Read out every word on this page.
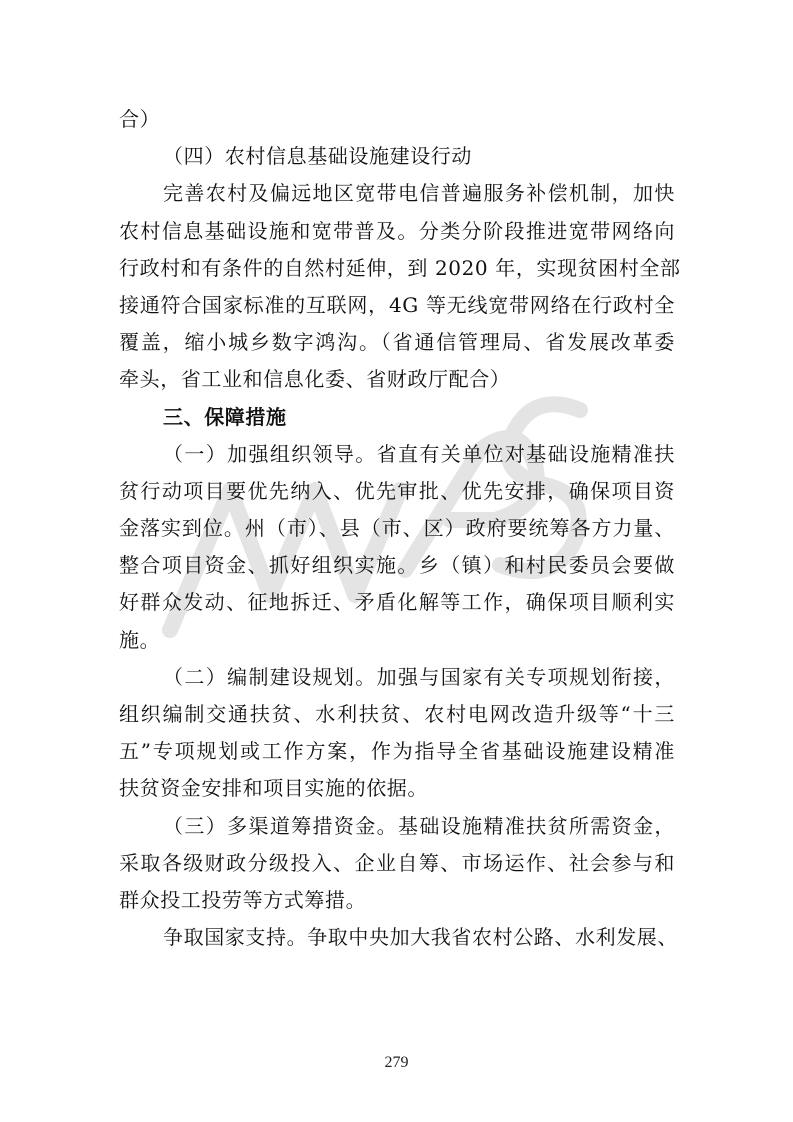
合）
（四）农村信息基础设施建设行动
完善农村及偏远地区宽带电信普遍服务补偿机制，加快
农村信息基础设施和宽带普及。分类分阶段推进宽带网络向
行政村和有条件的自然村延伸，到 2020 年，实现贫困村全部
接通符合国家标准的互联网，4G 等无线宽带网络在行政村全
覆盖，缩小城乡数字鸿沟。（省通信管理局、省发展改革委
牵头，省工业和信息化委、省财政厅配合）
三、保障措施
（一）加强组织领导。省直有关单位对基础设施精准扶
贫行动项目要优先纳入、优先审批、优先安排，确保项目资
金落实到位。州（市）、县（市、区）政府要统筹各方力量、
整合项目资金、抓好组织实施。乡（镇）和村民委员会要做
好群众发动、征地拆迁、矛盾化解等工作，确保项目顺利实
施。
（二）编制建设规划。加强与国家有关专项规划衔接，
组织编制交通扶贫、水利扶贫、农村电网改造升级等“十三
五”专项规划或工作方案，作为指导全省基础设施建设精准
扶贫资金安排和项目实施的依据。
（三）多渠道筹措资金。基础设施精准扶贫所需资金，
采取各级财政分级投入、企业自筹、市场运作、社会参与和
群众投工投劳等方式筹措。
争取国家支持。争取中央加大我省农村公路、水利发展、
279
